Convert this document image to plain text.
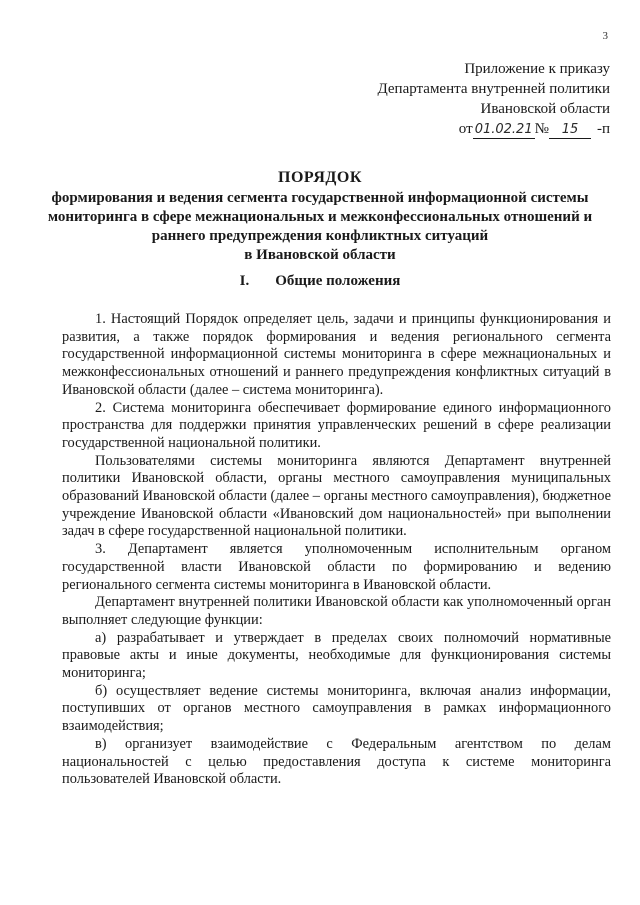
3
Приложение к приказу
Департамента внутренней политики
Ивановской области
от 01.02.21 № 15 -п
ПОРЯДОК
формирования и ведения сегмента государственной информационной системы
мониторинга в сфере межнациональных и межконфессиональных отношений и
раннего предупреждения конфликтных ситуаций
в Ивановской области
I. Общие положения

1. Настоящий Порядок определяет цель, задачи и принципы функционирования и развития, а также порядок формирования и ведения регионального сегмента государственной информационной системы мониторинга в сфере межнациональных и межконфессиональных отношений и раннего предупреждения конфликтных ситуаций в Ивановской области (далее – система мониторинга).

2. Система мониторинга обеспечивает формирование единого информационного пространства для поддержки принятия управленческих решений в сфере реализации государственной национальной политики.

Пользователями системы мониторинга являются Департамент внутренней политики Ивановской области, органы местного самоуправления муниципальных образований Ивановской области (далее – органы местного самоуправления), бюджетное учреждение Ивановской области «Ивановский дом национальностей» при выполнении задач в сфере государственной национальной политики.

3. Департамент является уполномоченным исполнительным органом государственной власти Ивановской области по формированию и ведению регионального сегмента системы мониторинга в Ивановской области.

Департамент внутренней политики Ивановской области как уполномоченный орган выполняет следующие функции:

а) разрабатывает и утверждает в пределах своих полномочий нормативные правовые акты и иные документы, необходимые для функционирования системы мониторинга;

б) осуществляет ведение системы мониторинга, включая анализ информации, поступивших от органов местного самоуправления в рамках информационного взаимодействия;

в) организует взаимодействие с Федеральным агентством по делам национальностей с целью предоставления доступа к системе мониторинга пользователей Ивановской области.
